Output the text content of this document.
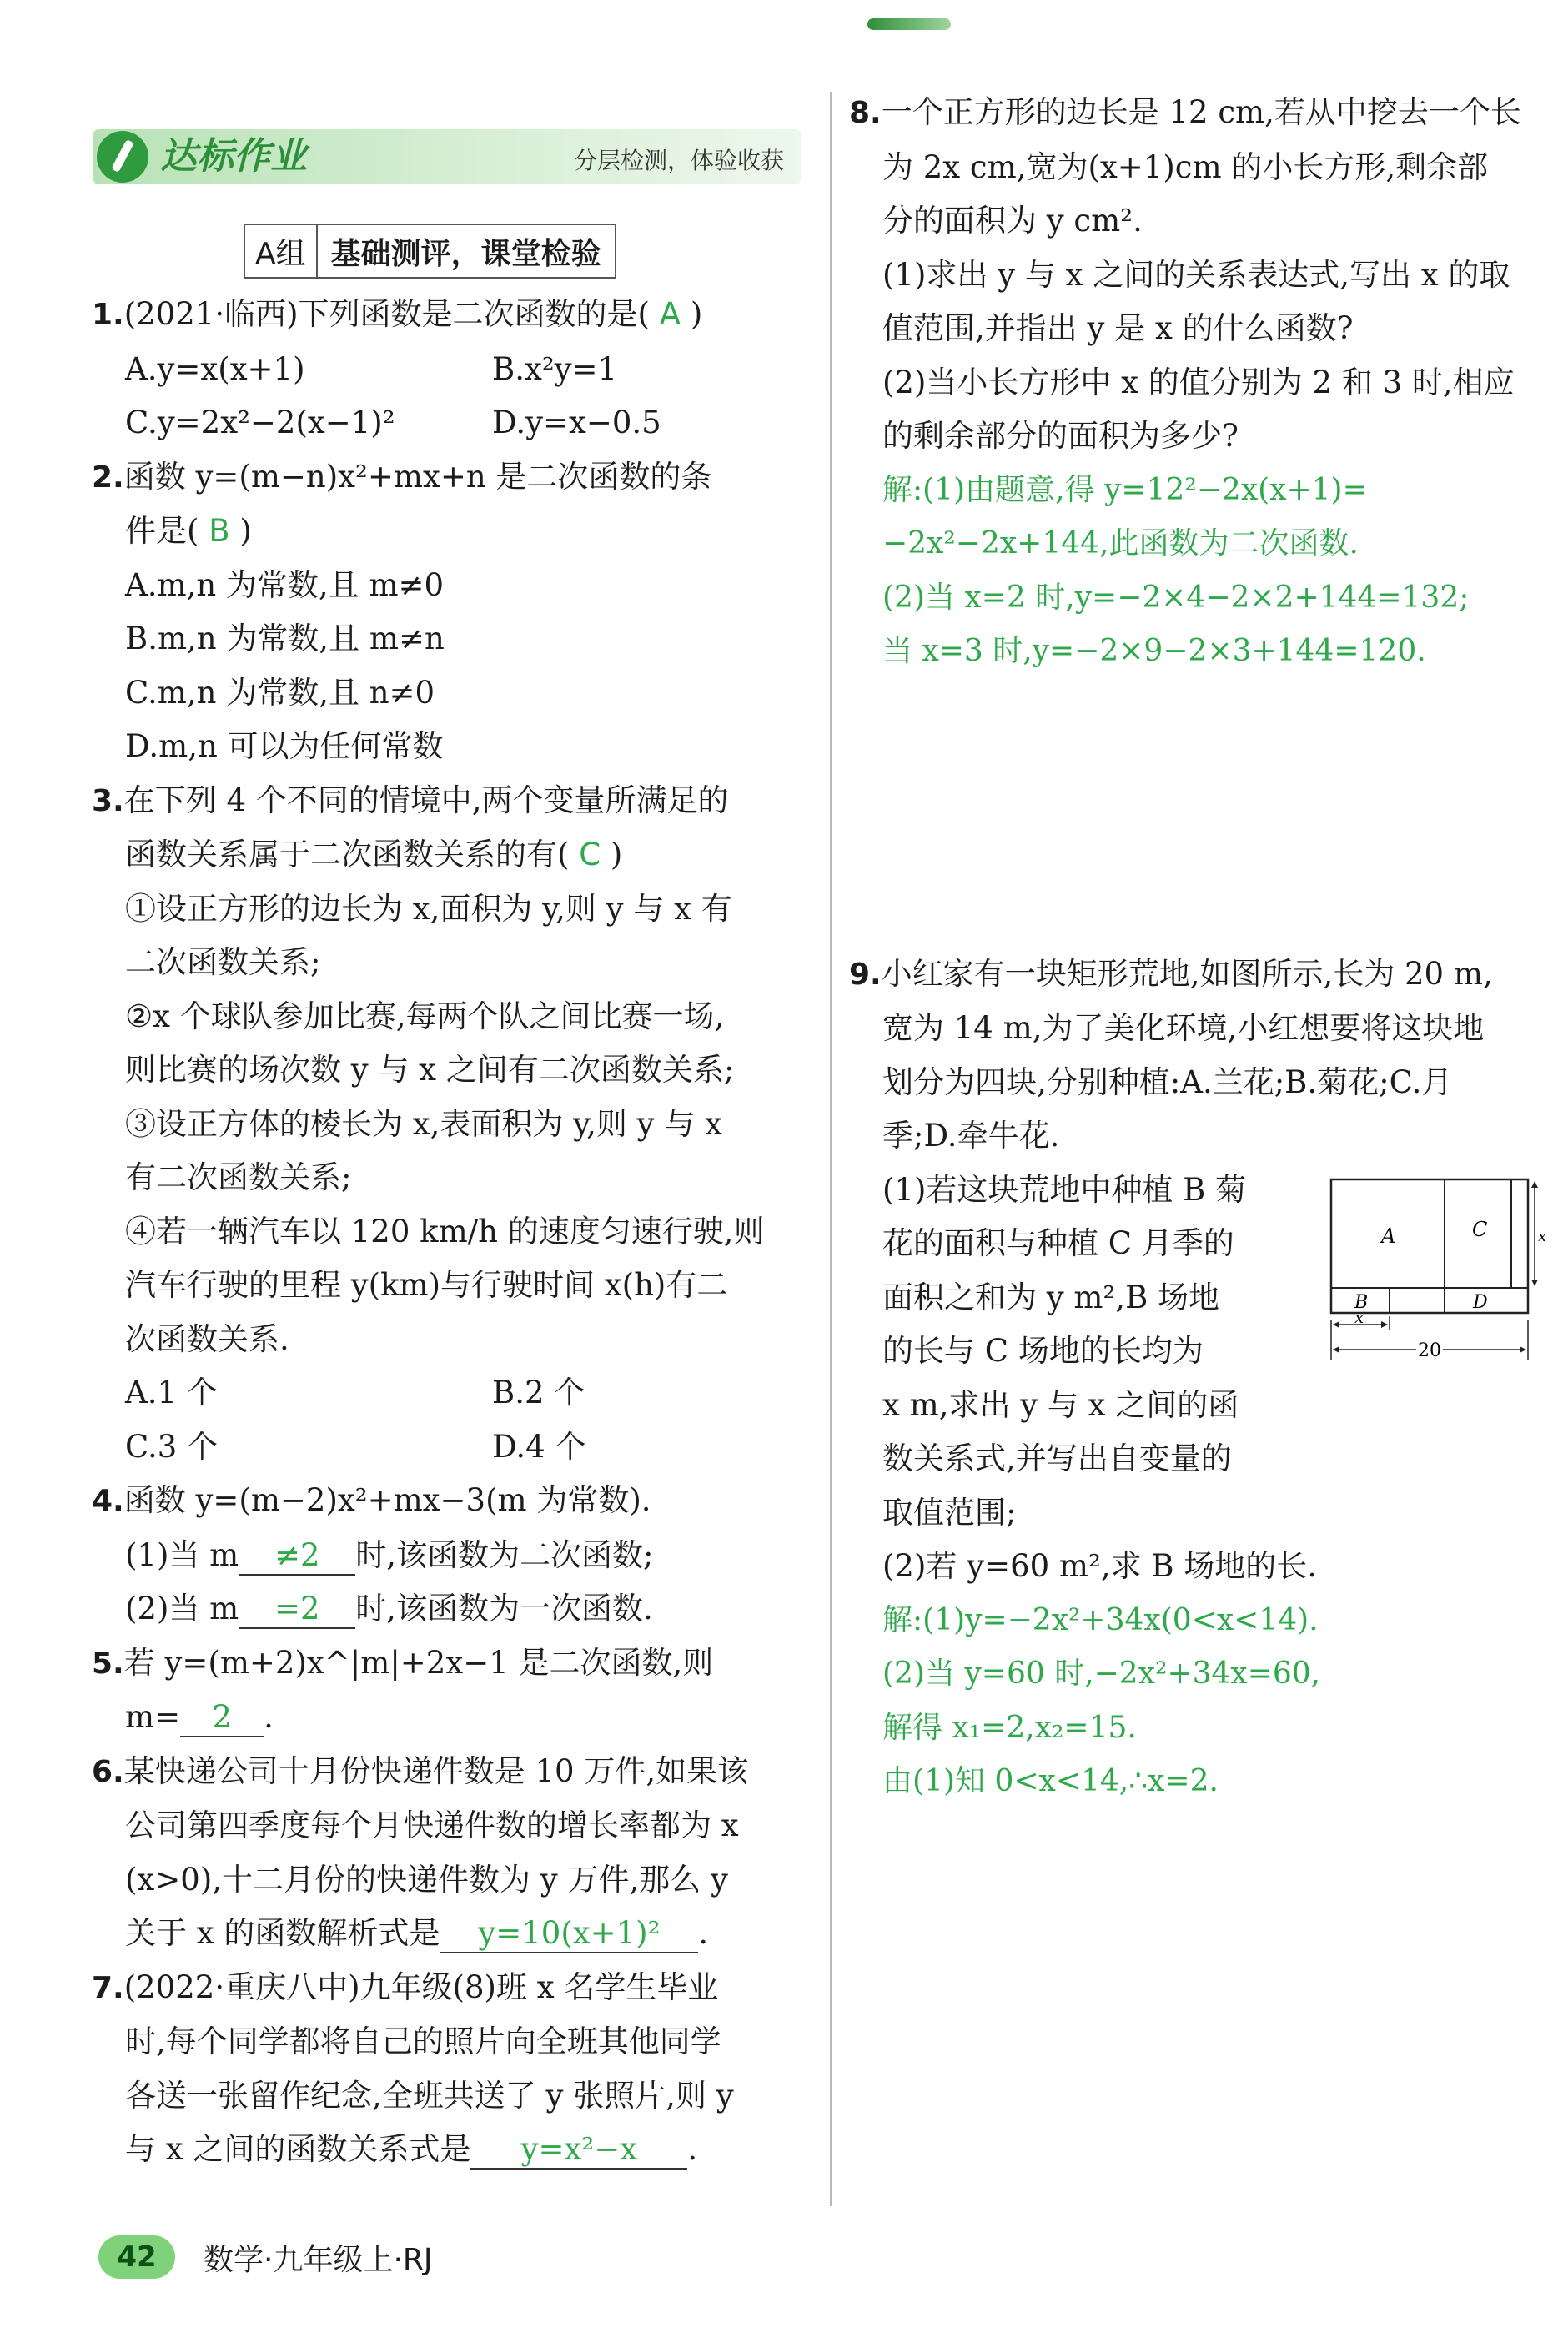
达标作业	分层检测，体验收获
A组 基础测评，课堂检验
1.(2021·临西)下列函数是二次函数的是( A )
A.y=x(x+1)	B.x²y=1
C.y=2x²−2(x−1)²	D.y=x−0.5
2.函数 y=(m−n)x²+mx+n 是二次函数的条
件是( B )
A.m,n 为常数,且 m≠0
B.m,n 为常数,且 m≠n
C.m,n 为常数,且 n≠0
D.m,n 可以为任何常数
3.在下列 4 个不同的情境中,两个变量所满足的
函数关系属于二次函数关系的有( C )
①设正方形的边长为 x,面积为 y,则 y 与 x 有
二次函数关系;
②x 个球队参加比赛,每两个队之间比赛一场,
则比赛的场次数 y 与 x 之间有二次函数关系;
③设正方体的棱长为 x,表面积为 y,则 y 与 x
有二次函数关系;
④若一辆汽车以 120 km/h 的速度匀速行驶,则
汽车行驶的里程 y(km)与行驶时间 x(h)有二
次函数关系.
A.1 个	B.2 个
C.3 个	D.4 个
4.函数 y=(m−2)x²+mx−3(m 为常数).
(1)当 m ≠2 时,该函数为二次函数;
(2)当 m =2 时,该函数为一次函数.
5.若 y=(m+2)x^|m|+2x−1 是二次函数,则
m= 2 .
6.某快递公司十月份快递件数是 10 万件,如果该
公司第四季度每个月快递件数的增长率都为 x
(x>0),十二月份的快递件数为 y 万件,那么 y
关于 x 的函数解析式是 y=10(x+1)² .
7.(2022·重庆八中)九年级(8)班 x 名学生毕业
时,每个同学都将自己的照片向全班其他同学
各送一张留作纪念,全班共送了 y 张照片,则 y
与 x 之间的函数关系式是 y=x²−x .
8.一个正方形的边长是 12 cm,若从中挖去一个长
为 2x cm,宽为(x+1)cm 的小长方形,剩余部
分的面积为 y cm².
(1)求出 y 与 x 之间的关系表达式,写出 x 的取
值范围,并指出 y 是 x 的什么函数?
(2)当小长方形中 x 的值分别为 2 和 3 时,相应
的剩余部分的面积为多少?
解:(1)由题意,得 y=12²−2x(x+1)=
−2x²−2x+144,此函数为二次函数.
(2)当 x=2 时,y=−2×4−2×2+144=132;
当 x=3 时,y=−2×9−2×3+144=120.
9.小红家有一块矩形荒地,如图所示,长为 20 m,
宽为 14 m,为了美化环境,小红想要将这块地
划分为四块,分别种植:A.兰花;B.菊花;C.月
季;D.牵牛花.
(1)若这块荒地中种植 B 菊
花的面积与种植 C 月季的
面积之和为 y m²,B 场地
的长与 C 场地的长均为
x m,求出 y 与 x 之间的函
数关系式,并写出自变量的
取值范围;
(2)若 y=60 m²,求 B 场地的长.
解:(1)y=−2x²+34x(0<x<14).
(2)当 y=60 时,−2x²+34x=60,
解得 x₁=2,x₂=15.
由(1)知 0<x<14,∴x=2.
A	C
B	D
x
20
x
42	数学·九年级上·RJ
